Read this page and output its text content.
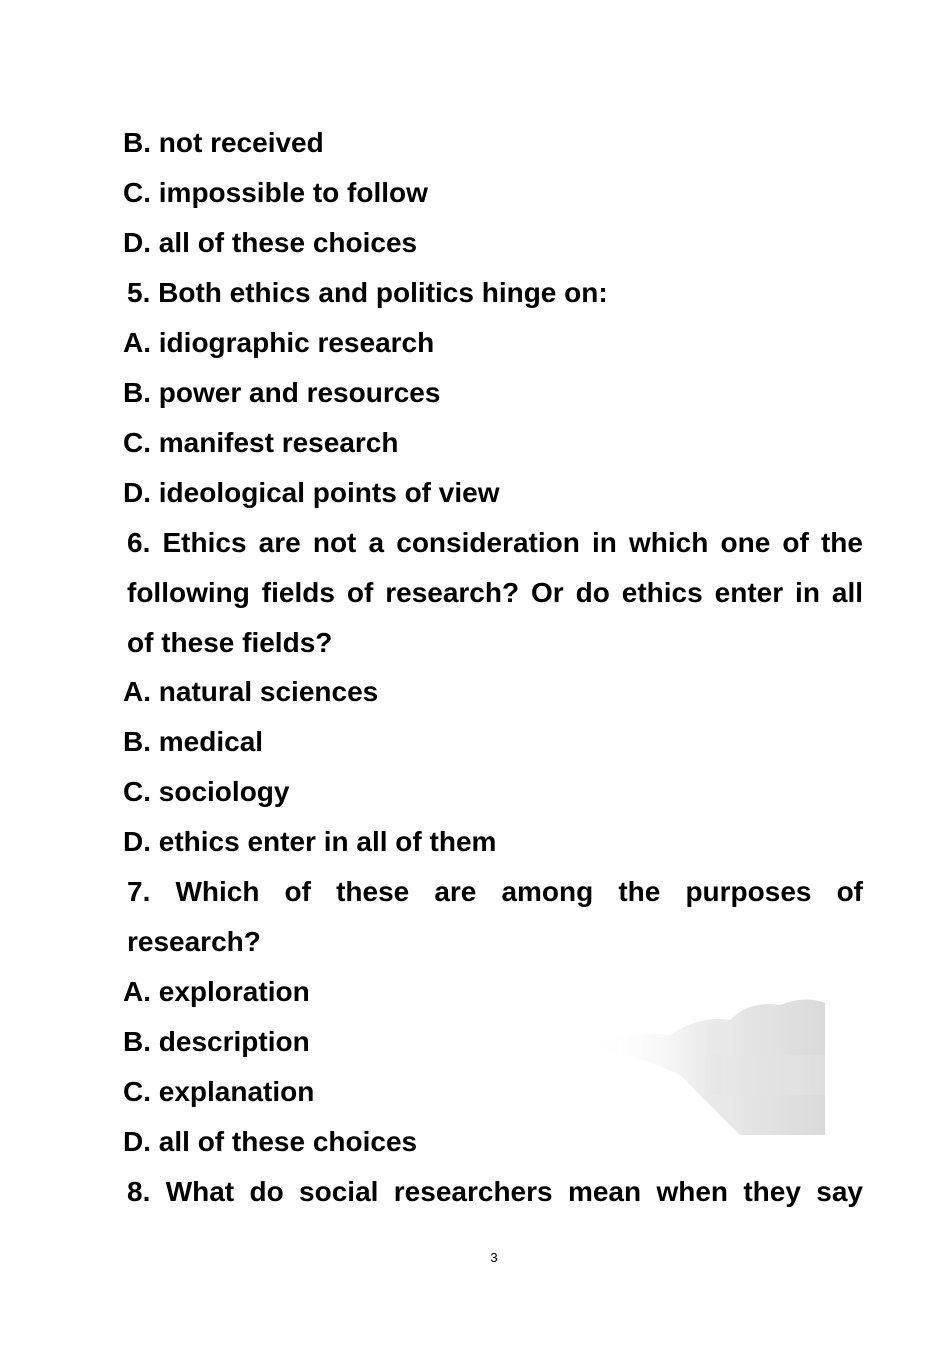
B. not received
C. impossible to follow
D. all of these choices
5. Both ethics and politics hinge on:
A. idiographic research
B. power and resources
C. manifest research
D. ideological points of view
6. Ethics are not a consideration in which one of the
following fields of research? Or do ethics enter in all
of these fields?
A. natural sciences
B. medical
C. sociology
D. ethics enter in all of them
7. Which of these are among the purposes of
research?
A. exploration
B. description
C. explanation
D. all of these choices
8. What do social researchers mean when they say
3
